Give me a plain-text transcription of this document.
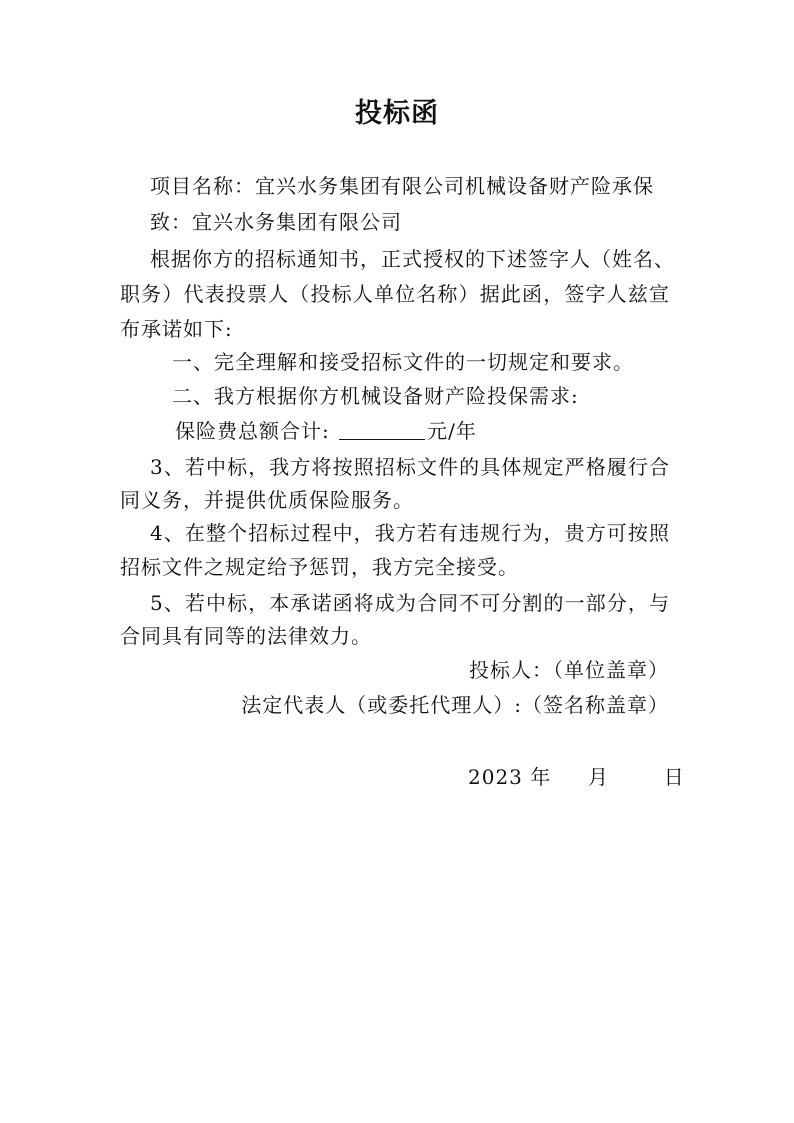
投标函
项目名称：宜兴水务集团有限公司机械设备财产险承保
致：宜兴水务集团有限公司
根据你方的招标通知书，正式授权的下述签字人（姓名、
职务）代表投票人（投标人单位名称）据此函，签字人兹宣
布承诺如下:
一、完全理解和接受招标文件的一切规定和要求。
二、我方根据你方机械设备财产险投保需求:
保险费总额合计:	元/年
3、若中标，我方将按照招标文件的具体规定严格履行合
同义务，并提供优质保险服务。
4、在整个招标过程中，我方若有违规行为，贵方可按照
招标文件之规定给予惩罚，我方完全接受。
5、若中标，本承诺函将成为合同不可分割的一部分，与
合同具有同等的法律效力。
投标人：（单位盖章）
法定代表人（或委托代理人）:（签名称盖章）
2023 年 月	日
